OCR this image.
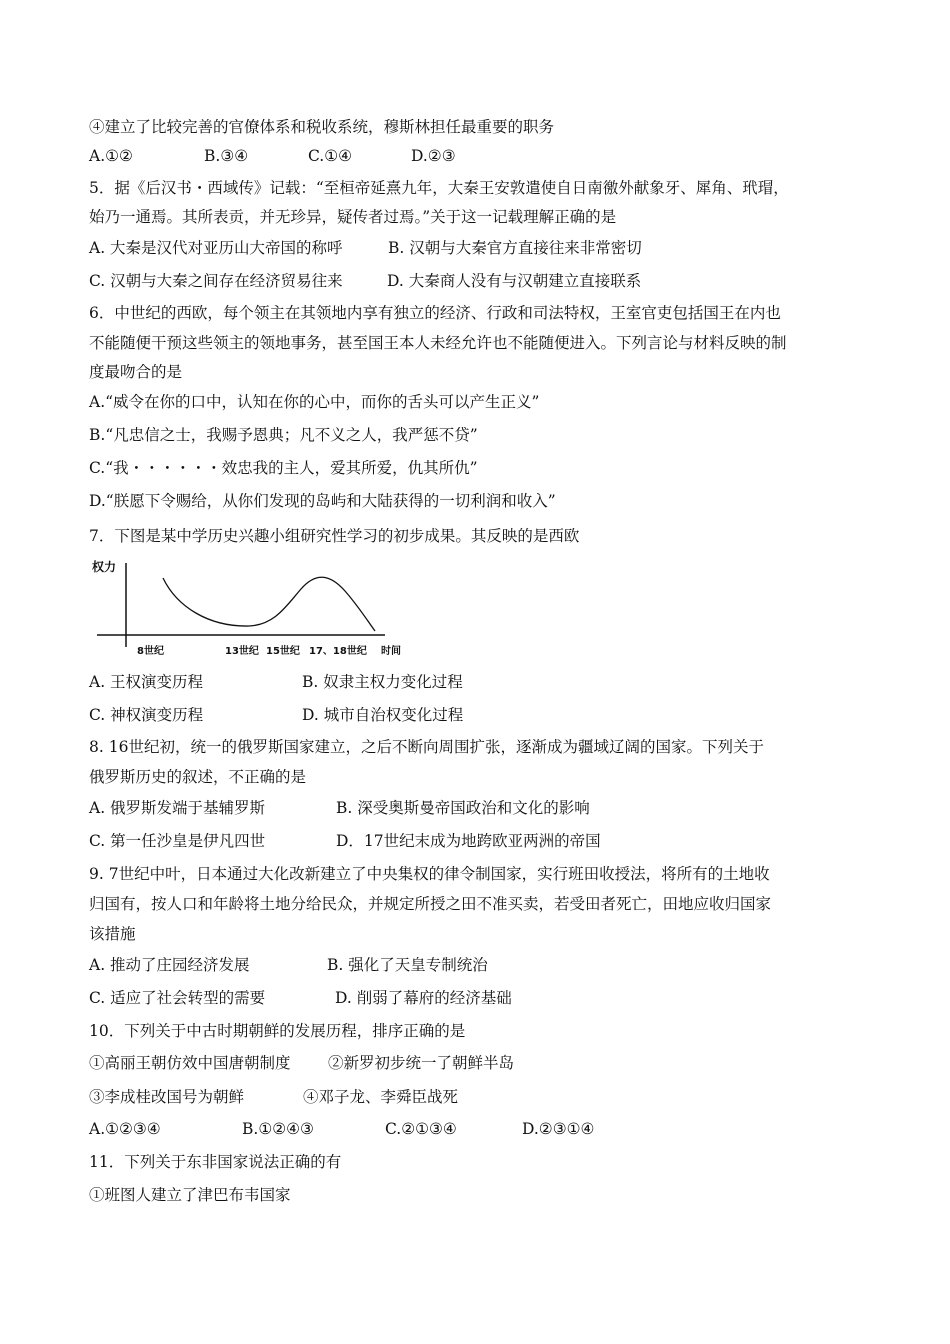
④建立了比较完善的官僚体系和税收系统，穆斯林担任最重要的职务
A.①②	B.③④	C.①④	D.②③
5．据《后汉书・西域传》记载：“至桓帝延熹九年，大秦王安敦遣使自日南徼外献象牙、犀角、玳瑁，
始乃一通焉。其所表贡，并无珍异，疑传者过焉。”关于这一记载理解正确的是
A. 大秦是汉代对亚历山大帝国的称呼	B. 汉朝与大秦官方直接往来非常密切
C. 汉朝与大秦之间存在经济贸易往来	D. 大秦商人没有与汉朝建立直接联系
6．中世纪的西欧，每个领主在其领地内享有独立的经济、行政和司法特权，王室官吏包括国王在内也
不能随便干预这些领主的领地事务，甚至国王本人未经允许也不能随便进入。下列言论与材料反映的制
度最吻合的是
A.“威令在你的口中，认知在你的心中，而你的舌头可以产生正义”
B.“凡忠信之士，我赐予恩典；凡不义之人，我严惩不贷”
C.“我・・・・・・效忠我的主人，爱其所爱，仇其所仇”
D.“朕愿下令赐给，从你们发现的岛屿和大陆获得的一切利润和收入”
7．下图是某中学历史兴趣小组研究性学习的初步成果。其反映的是西欧
权力
8世纪	13世纪 15世纪 17、18世纪 时间
A. 王权演变历程	B. 奴隶主权力变化过程
C. 神权演变历程	D. 城市自治权变化过程
8. 16世纪初，统一的俄罗斯国家建立，之后不断向周围扩张，逐渐成为疆域辽阔的国家。下列关于
俄罗斯历史的叙述，不正确的是
A. 俄罗斯发端于基辅罗斯	B. 深受奥斯曼帝国政治和文化的影响
C. 第一任沙皇是伊凡四世	D．17世纪末成为地跨欧亚两洲的帝国
9. 7世纪中叶，日本通过大化改新建立了中央集权的律令制国家，实行班田收授法，将所有的土地收
归国有，按人口和年龄将土地分给民众，并规定所授之田不准买卖，若受田者死亡，田地应收归国家
该措施
A. 推动了庄园经济发展	B. 强化了天皇专制统治
C. 适应了社会转型的需要	D. 削弱了幕府的经济基础
10．下列关于中古时期朝鲜的发展历程，排序正确的是
①高丽王朝仿效中国唐朝制度 ②新罗初步统一了朝鲜半岛
③李成桂改国号为朝鲜	④邓子龙、李舜臣战死
A.①②③④	B.①②④③	C.②①③④	D.②③①④
11．下列关于东非国家说法正确的有
①班图人建立了津巴布韦国家
